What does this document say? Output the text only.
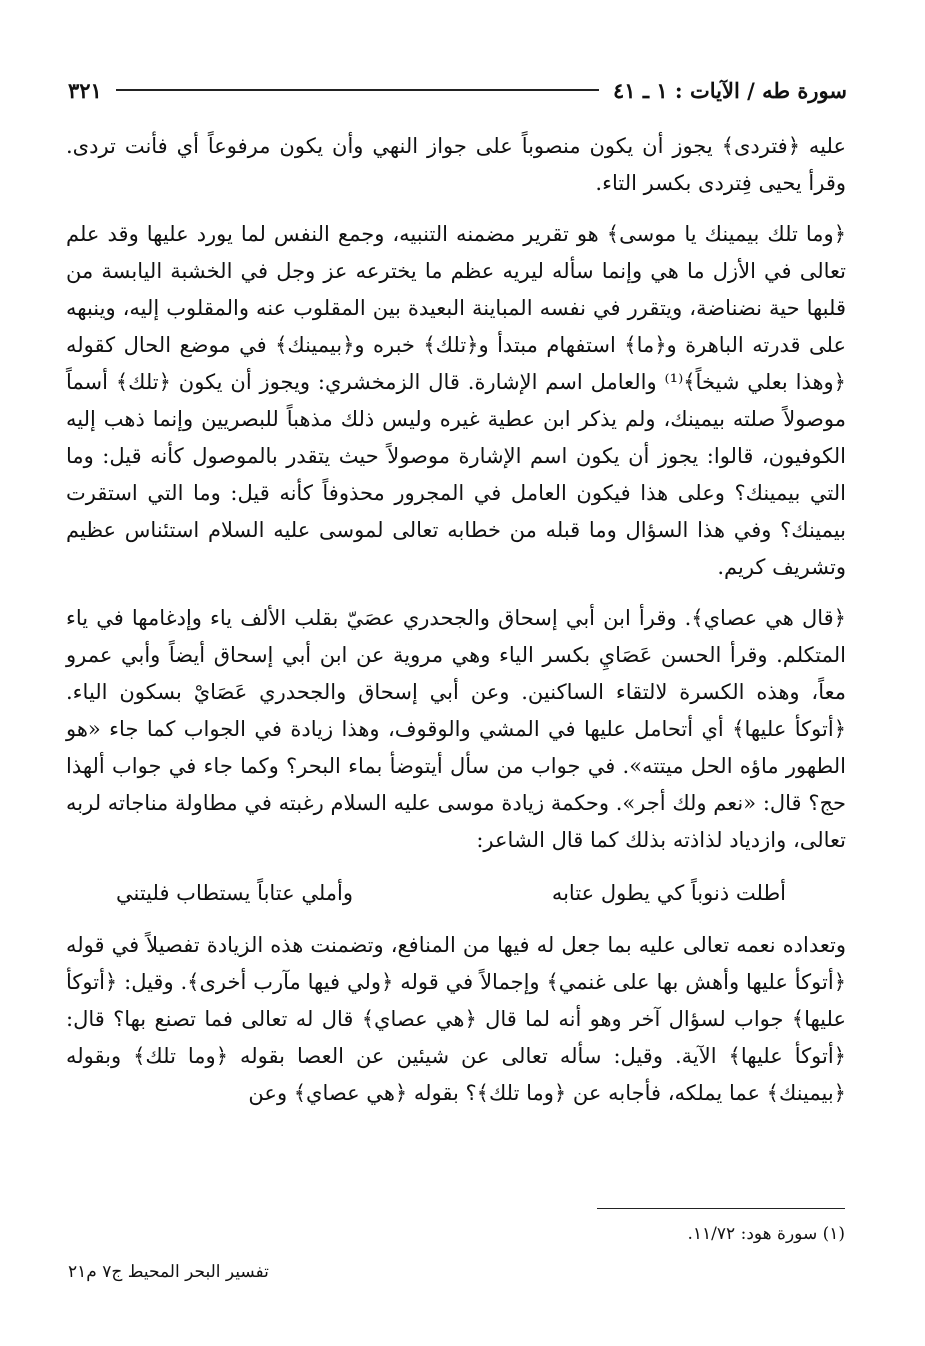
سورة طه / الآيات : ١ ـ ٤١
٣٢١

عليه ﴿فتردى﴾ يجوز أن يكون منصوباً على جواز النهي وأن يكون مرفوعاً أي فأنت تردى. وقرأ يحيى فِتردى بكسر التاء.

﴿وما تلك بيمينك يا موسى﴾ هو تقرير مضمنه التنبيه، وجمع النفس لما يورد عليها وقد علم تعالى في الأزل ما هي وإنما سأله ليريه عظم ما يخترعه عز وجل في الخشبة اليابسة من قلبها حية نضناضة، ويتقرر في نفسه المباينة البعيدة بين المقلوب عنه والمقلوب إليه، وينبهه على قدرته الباهرة و﴿ما﴾ استفهام مبتدأ و﴿تلك﴾ خبره و﴿بيمينك﴾ في موضع الحال كقوله ﴿وهذا بعلي شيخاً﴾⁽¹⁾ والعامل اسم الإشارة. قال الزمخشري: ويجوز أن يكون ﴿تلك﴾ أسماً موصولاً صلته بيمينك، ولم يذكر ابن عطية غيره وليس ذلك مذهباً للبصريين وإنما ذهب إليه الكوفيون، قالوا: يجوز أن يكون اسم الإشارة موصولاً حيث يتقدر بالموصول كأنه قيل: وما التي بيمينك؟ وعلى هذا فيكون العامل في المجرور محذوفاً كأنه قيل: وما التي استقرت بيمينك؟ وفي هذا السؤال وما قبله من خطابه تعالى لموسى عليه السلام استئناس عظيم وتشريف كريم.

﴿قال هي عصاي﴾. وقرأ ابن أبي إسحاق والجحدري عصَيّ بقلب الألف ياء وإدغامها في ياء المتكلم. وقرأ الحسن عَصَايِ بكسر الياء وهي مروية عن ابن أبي إسحاق أيضاً وأبي عمرو معاً، وهذه الكسرة لالتقاء الساكنين. وعن أبي إسحاق والجحدري عَصَايْ بسكون الياء. ﴿أتوكأ عليها﴾ أي أتحامل عليها في المشي والوقوف، وهذا زيادة في الجواب كما جاء «هو الطهور ماؤه الحل ميتته». في جواب من سأل أيتوضأ بماء البحر؟ وكما جاء في جواب ألهذا حج؟ قال: «نعم ولك أجر». وحكمة زيادة موسى عليه السلام رغبته في مطاولة مناجاته لربه تعالى، وازدياد لذاذته بذلك كما قال الشاعر:

أطلت ذنوباً كي يطول عتابه
وأملي عتاباً يستطاب فليتني

وتعداده نعمه تعالى عليه بما جعل له فيها من المنافع، وتضمنت هذه الزيادة تفصيلاً في قوله ﴿أتوكأ عليها وأهش بها على غنمي﴾ وإجمالاً في قوله ﴿ولي فيها مآرب أخرى﴾. وقيل: ﴿أتوكأ عليها﴾ جواب لسؤال آخر وهو أنه لما قال ﴿هي عصاي﴾ قال له تعالى فما تصنع بها؟ قال: ﴿أتوكأ عليها﴾ الآية. وقيل: سأله تعالى عن شيئين عن العصا بقوله ﴿وما تلك﴾ وبقوله ﴿بيمينك﴾ عما يملكه، فأجابه عن ﴿وما تلك﴾؟ بقوله ﴿هي عصاي﴾ وعن

(١) سورة هود: ١١/٧٢.
تفسير البحر المحيط ج٧ م٢١
